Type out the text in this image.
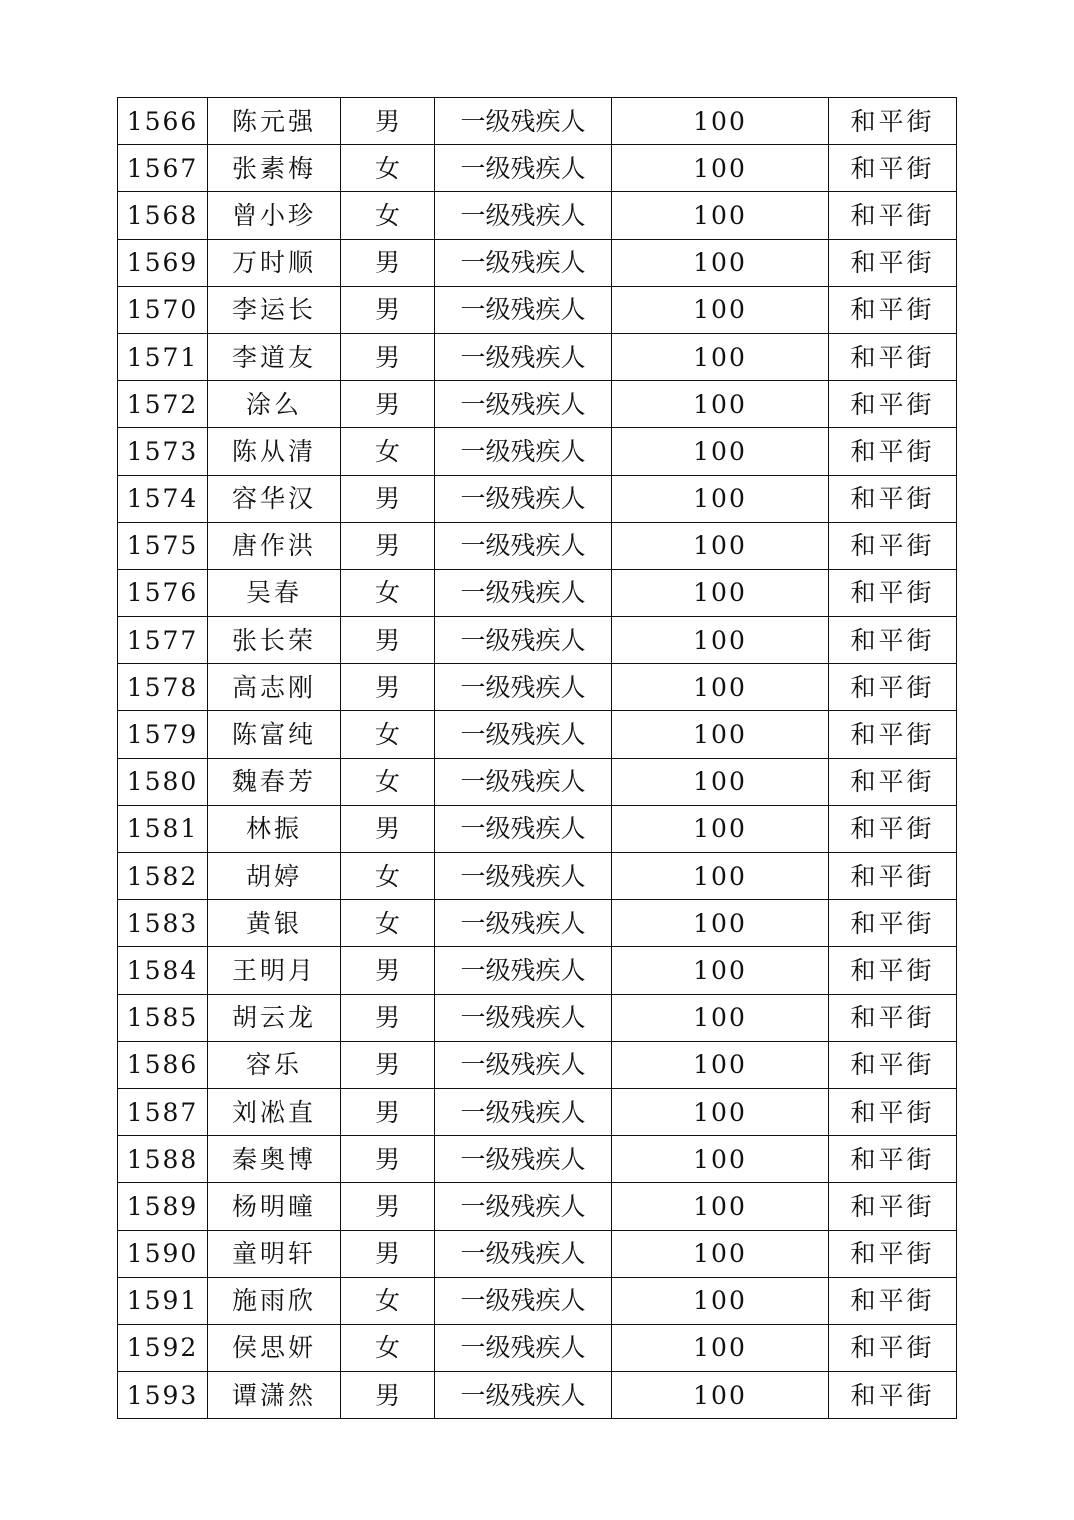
1566	陈元强	男	一级残疾人	100	和平街
1567	张素梅	女	一级残疾人	100	和平街
1568	曾小珍	女	一级残疾人	100	和平街
1569	万时顺	男	一级残疾人	100	和平街
1570	李运长	男	一级残疾人	100	和平街
1571	李道友	男	一级残疾人	100	和平街
1572	涂么	男	一级残疾人	100	和平街
1573	陈从清	女	一级残疾人	100	和平街
1574	容华汉	男	一级残疾人	100	和平街
1575	唐作洪	男	一级残疾人	100	和平街
1576	吴春	女	一级残疾人	100	和平街
1577	张长荣	男	一级残疾人	100	和平街
1578	高志刚	男	一级残疾人	100	和平街
1579	陈富纯	女	一级残疾人	100	和平街
1580	魏春芳	女	一级残疾人	100	和平街
1581	林振	男	一级残疾人	100	和平街
1582	胡婷	女	一级残疾人	100	和平街
1583	黄银	女	一级残疾人	100	和平街
1584	王明月	男	一级残疾人	100	和平街
1585	胡云龙	男	一级残疾人	100	和平街
1586	容乐	男	一级残疾人	100	和平街
1587	刘凇直	男	一级残疾人	100	和平街
1588	秦奥博	男	一级残疾人	100	和平街
1589	杨明曈	男	一级残疾人	100	和平街
1590	童明轩	男	一级残疾人	100	和平街
1591	施雨欣	女	一级残疾人	100	和平街
1592	侯思妍	女	一级残疾人	100	和平街
1593	谭潇然	男	一级残疾人	100	和平街
